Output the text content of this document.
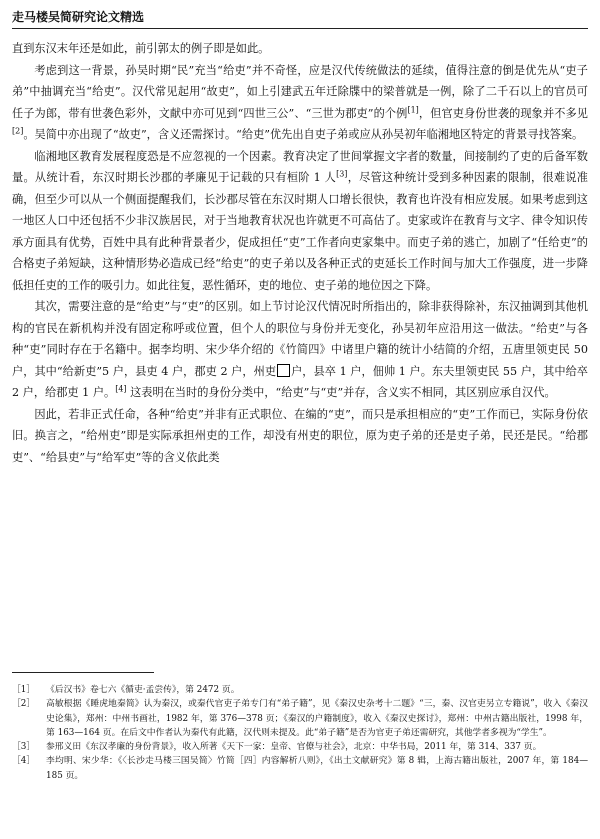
走马楼吴简研究论文精选

直到东汉末年还是如此，前引郭太的例子即是如此。

考虑到这一背景，孙吴时期“民”充当“给吏”并不奇怪，应是汉代传统做法的延续，值得注意的倒是优先从“吏子弟”中抽调充当“给吏”。汉代常见起用“故吏”，如上引建武五年迁除牒中的梁普就是一例，除了二千石以上的官员可任子为郎，带有世袭色彩外，文献中亦可见到“四世三公”、“三世为郡吏”的个例[1]，但官吏身份世袭的现象并不多见[2]。吴简中亦出现了“故吏”，含义还需探讨。“给吏”优先出自吏子弟或应从孙吴初年临湘地区特定的背景寻找答案。

临湘地区教育发展程度恐是不应忽视的一个因素。教育决定了世间掌握文字者的数量，间接制约了吏的后备军数量。从统计看，东汉时期长沙郡的孝廉见于记载的只有桓阶 1 人[3]，尽管这种统计受到多种因素的限制，很难说准确，但至少可以从一个侧面提醒我们，长沙郡尽管在东汉时期人口增长很快，教育也许没有相应发展。如果考虑到这一地区人口中还包括不少非汉族居民，对于当地教育状况也许就更不可高估了。吏家或许在教育与文字、律令知识传承方面具有优势，百姓中具有此种背景者少，促成担任“吏”工作者向吏家集中。而吏子弟的逃亡，加剧了“任给吏”的合格吏子弟短缺，这种情形势必造成已经“给吏”的吏子弟以及各种正式的吏延长工作时间与加大工作强度，进一步降低担任吏的工作的吸引力。如此往复，恶性循环，吏的地位、吏子弟的地位因之下降。

其次，需要注意的是“给吏”与“吏”的区别。如上节讨论汉代情况时所指出的，除非获得除补，东汉抽调到其他机构的官民在新机构并没有固定称呼或位置，但个人的职位与身份并无变化，孙吴初年应沿用这一做法。“给吏”与各种“吏”同时存在于名籍中。据李均明、宋少华介绍的《竹简四》中诸里户籍的统计小结简的介绍，五唐里领吏民 50 户，其中“给新吏”5 户，县吏 4 户，郡吏 2 户，州吏 户，县卒 1 户，佃帅 1 户。东夫里领吏民 55 户，其中给卒 2 户，给郡吏 1 户。[4] 这表明在当时的身份分类中，“给吏”与“吏”并存，含义实不相同，其区别应承自汉代。

因此，若非正式任命，各种“给吏”并非有正式职位、在编的“吏”，而只是承担相应的“吏”工作而已，实际身份依旧。换言之，“给州吏”即是实际承担州吏的工作，却没有州吏的职位，原为吏子弟的还是吏子弟，民还是民。“给郡吏”、“给县吏”与“给军吏”等的含义依此类

［1］	《后汉书》卷七六《循吏·孟尝传》，第 2472 页。
［2］	高敏根据《睡虎地秦简》认为秦汉，或秦代官吏子弟专门有“弟子籍”，见《秦汉史杂考十二题》“三，秦、汉官吏另立专籍说”，收入《秦汉史论集》，郑州：中州书画社，1982 年，第 376—378 页；《秦汉的户籍制度》，收入《秦汉史探讨》，郑州：中州古籍出版社，1998 年，第 163—164 页。在后文中作者认为秦代有此籍，汉代则未提及。此“弟子籍”是否为官吏子弟还需研究，其他学者多视为“学生”。
［3］	参邢义田《东汉孝廉的身份背景》，收入所著《天下一家：皇帝、官僚与社会》，北京：中华书局，2011 年，第 314、337 页。
［4］	李均明、宋少华：《〈长沙走马楼三国吴简〉竹简［四］内容解析八则》，《出土文献研究》第 8 辑，上海古籍出版社，2007 年，第 184—185 页。
